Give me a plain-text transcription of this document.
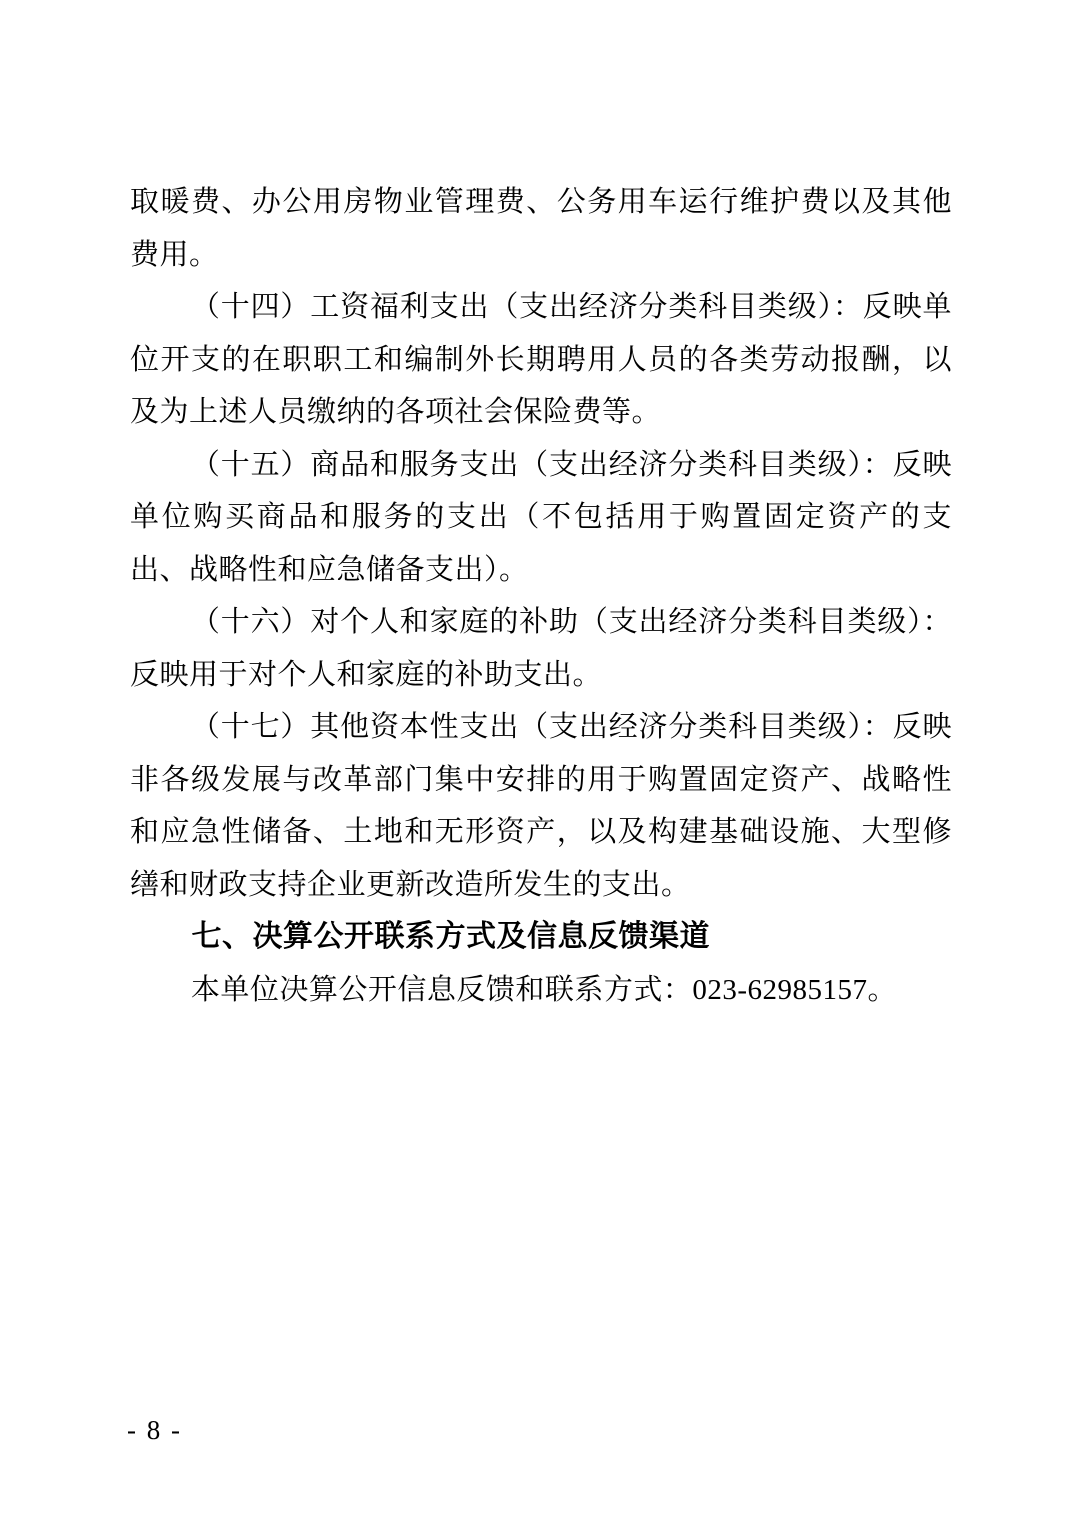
取暖费、办公用房物业管理费、公务用车运行维护费以及其他费用。

（十四）工资福利支出（支出经济分类科目类级）：反映单位开支的在职职工和编制外长期聘用人员的各类劳动报酬，以及为上述人员缴纳的各项社会保险费等。

（十五）商品和服务支出（支出经济分类科目类级）：反映单位购买商品和服务的支出（不包括用于购置固定资产的支出、战略性和应急储备支出）。

（十六）对个人和家庭的补助（支出经济分类科目类级）：反映用于对个人和家庭的补助支出。

（十七）其他资本性支出（支出经济分类科目类级）：反映非各级发展与改革部门集中安排的用于购置固定资产、战略性和应急性储备、土地和无形资产，以及构建基础设施、大型修缮和财政支持企业更新改造所发生的支出。

七、决算公开联系方式及信息反馈渠道

本单位决算公开信息反馈和联系方式：023-62985157。

- 8 -
